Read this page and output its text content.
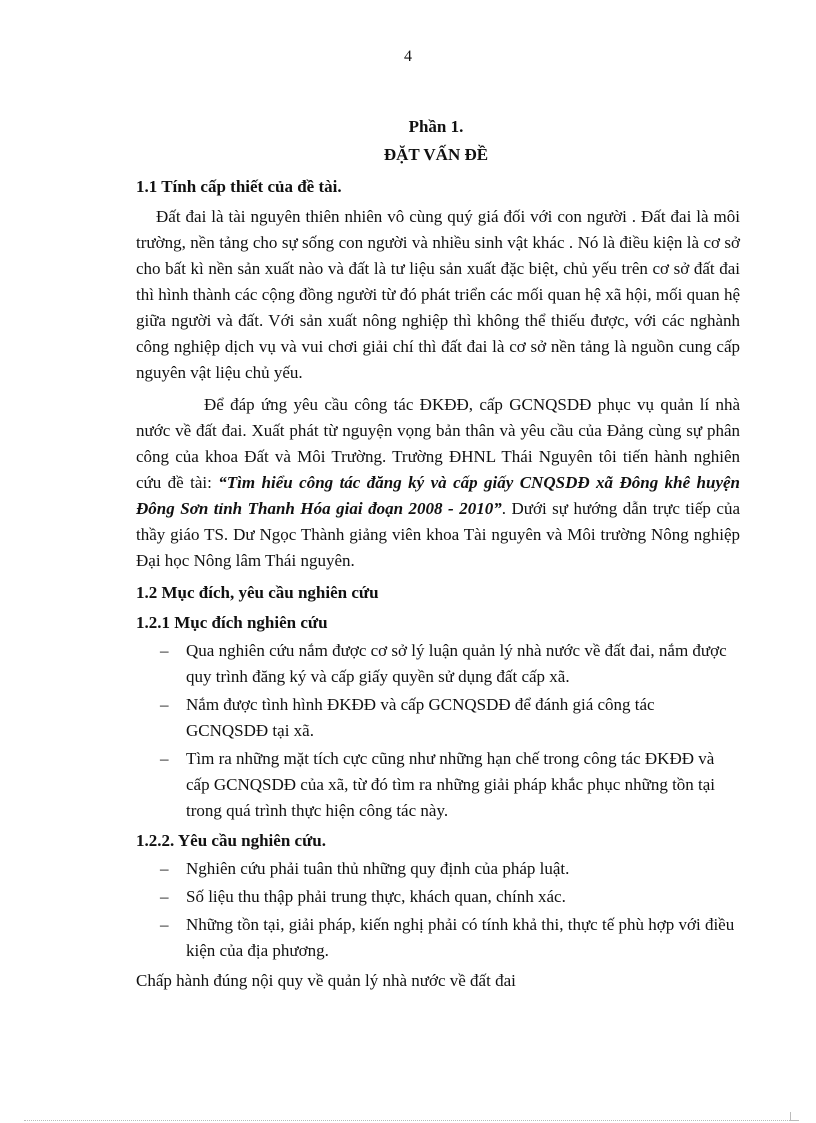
4
Phần 1.
ĐẶT VẤN ĐỀ
1.1 Tính cấp thiết của đề tài.

Đất đai là tài nguyên thiên nhiên vô cùng quý giá đối với con người . Đất đai là môi trường, nền tảng cho sự sống con người và nhiều sinh vật khác . Nó là điều kiện là cơ sở cho bất kì nền sản xuất nào và đất là tư liệu sản xuất đặc biệt, chủ yếu trên cơ sở đất đai thì hình thành các cộng đồng người từ đó phát triển các mối quan hệ xã hội, mối quan hệ giữa người và đất. Với sản xuất nông nghiệp thì không thể thiếu được, với các nghành công nghiệp dịch vụ và vui chơi giải chí thì đất đai là cơ sở nền tảng là nguồn cung cấp nguyên vật liệu chủ yếu.

Để đáp ứng yêu cầu công tác ĐKĐĐ, cấp GCNQSDĐ phục vụ quản lí nhà nước về đất đai. Xuất phát từ nguyện vọng bản thân và yêu cầu của Đảng cùng sự phân công của khoa Đất và Môi Trường. Trường ĐHNL Thái Nguyên tôi tiến hành nghiên cứu đề tài: “Tìm hiểu công tác đăng ký và cấp giấy CNQSDĐ xã Đông khê huyện Đông Sơn tỉnh Thanh Hóa giai đoạn 2008 - 2010”. Dưới sự hướng dẫn trực tiếp của thầy giáo TS. Dư Ngọc Thành giảng viên khoa Tài nguyên và Môi trường Nông nghiệp Đại học Nông lâm Thái nguyên.

1.2 Mục đích, yêu cầu nghiên cứu
1.2.1 Mục đích nghiên cứu
– Qua nghiên cứu nắm được cơ sở lý luận quản lý nhà nước về đất đai, nắm được quy trình đăng ký và cấp giấy quyền sử dụng đất cấp xã.
– Nắm được tình hình ĐKĐĐ và cấp GCNQSDĐ để đánh giá công tác GCNQSDĐ tại xã.
– Tìm ra những mặt tích cực cũng như những hạn chế trong công tác ĐKĐĐ và cấp GCNQSDĐ của xã, từ đó tìm ra những giải pháp khắc phục những tồn tại trong quá trình thực hiện công tác này.
1.2.2. Yêu cầu nghiên cứu.
– Nghiên cứu phải tuân thủ những quy định của pháp luật.
– Số liệu thu thập phải trung thực, khách quan, chính xác.
– Những tồn tại, giải pháp, kiến nghị phải có tính khả thi, thực tế phù hợp với điều kiện của địa phương.

Chấp hành đúng nội quy về quản lý nhà nước về đất đai
